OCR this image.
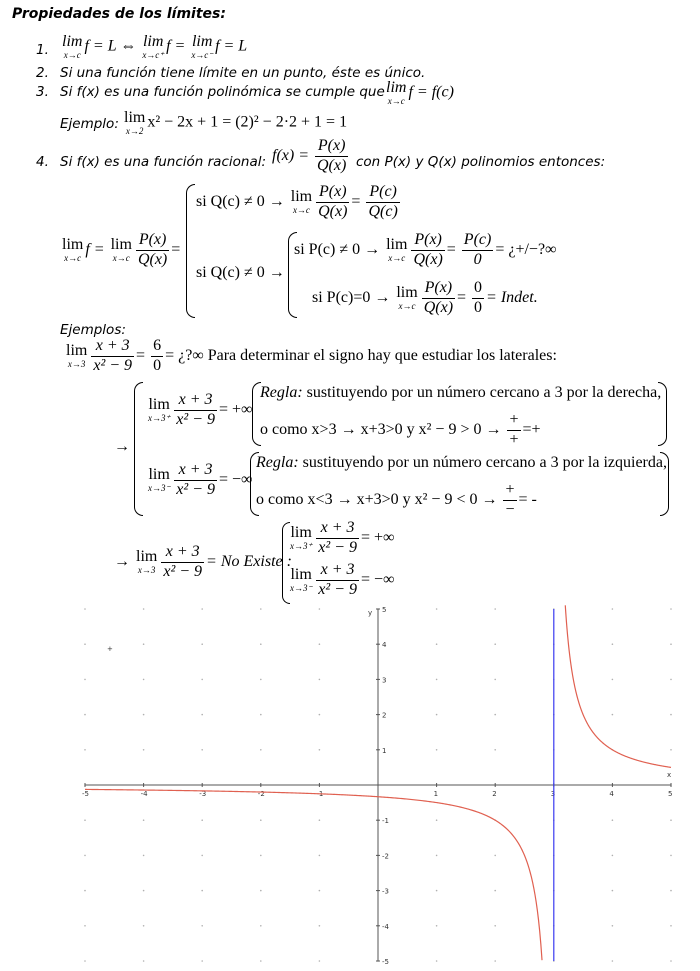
Propiedades de los límites:
1. lim
x→c
f = L ⇔ lim
x→c⁺
f = lim
x→c⁻
f = L
2. Si una función tiene límite en un punto, éste es único.
3. Si f(x) es una función polinómica se cumple que lim
x→c
f = f(c)
Ejemplo: lim
x→2
x² − 2x + 1 = (2)² − 2·2 + 1 = 1
4. Si f(x) es una función racional: $f(x) = \frac{P(x)}{Q(x)}$ con P(x) y Q(x) polinomios entonces:
lim
x→c
f = lim
$x\to c \frac{P(x)}{Q(x)}$ =
si Q(c) ≠ 0 → lim
$x\to c \frac{P(x)}{Q(x)} = \frac{P(c)}{Q(c)}$
si Q(c) ≠ 0 →
si P(c) ≠ 0 → lim
$x\to c \frac{P(x)}{Q(x)} = \frac{P(c)}{0}$ = ¿+/−?∞
si P(c)=0 → lim
$x\to c \frac{P(x)}{Q(x)} = \frac{0}{0} = Indet$.
Ejemplos:
lim
$x\to 3 \frac{x + 3}{\text{x² − 9}} = \frac{6}{0}$ = ¿?∞ Para determinar el signo hay que estudiar los laterales:
→
lim
$x\to 3^+ \frac{x + 3}{\text{x² − 9}}$ = +∞
Regla: sustituyendo por un número cercano a 3 por la derecha,
o como x>3 → x+3>0 y $x^2 - 9 > 0 \to \frac{+}{+}$ =+
lim
$x\to 3^- \frac{x + 3}{\text{x² − 9}}$ = −∞
Regla: sustituyendo por un número cercano a 3 por la izquierda,
o como x<3 → x+3>0 y $x^2 - 9 < 0 \to \frac{+}{-}$ = -
→ lim
$x\to 3 \frac{x + 3}{\text{x² − 9}} = No$ Existe :
lim
$x\to 3^+ \frac{x + 3}{\text{x² − 9}}$ = +∞
lim
$x\to 3^- \frac{x + 3}{\text{x² − 9}}$ = −∞
-5	-4	-3	-2	-1	1	2	3	4	5
5
4
3
2
1
-1
-2
-3
-4
-5
x
y
+
